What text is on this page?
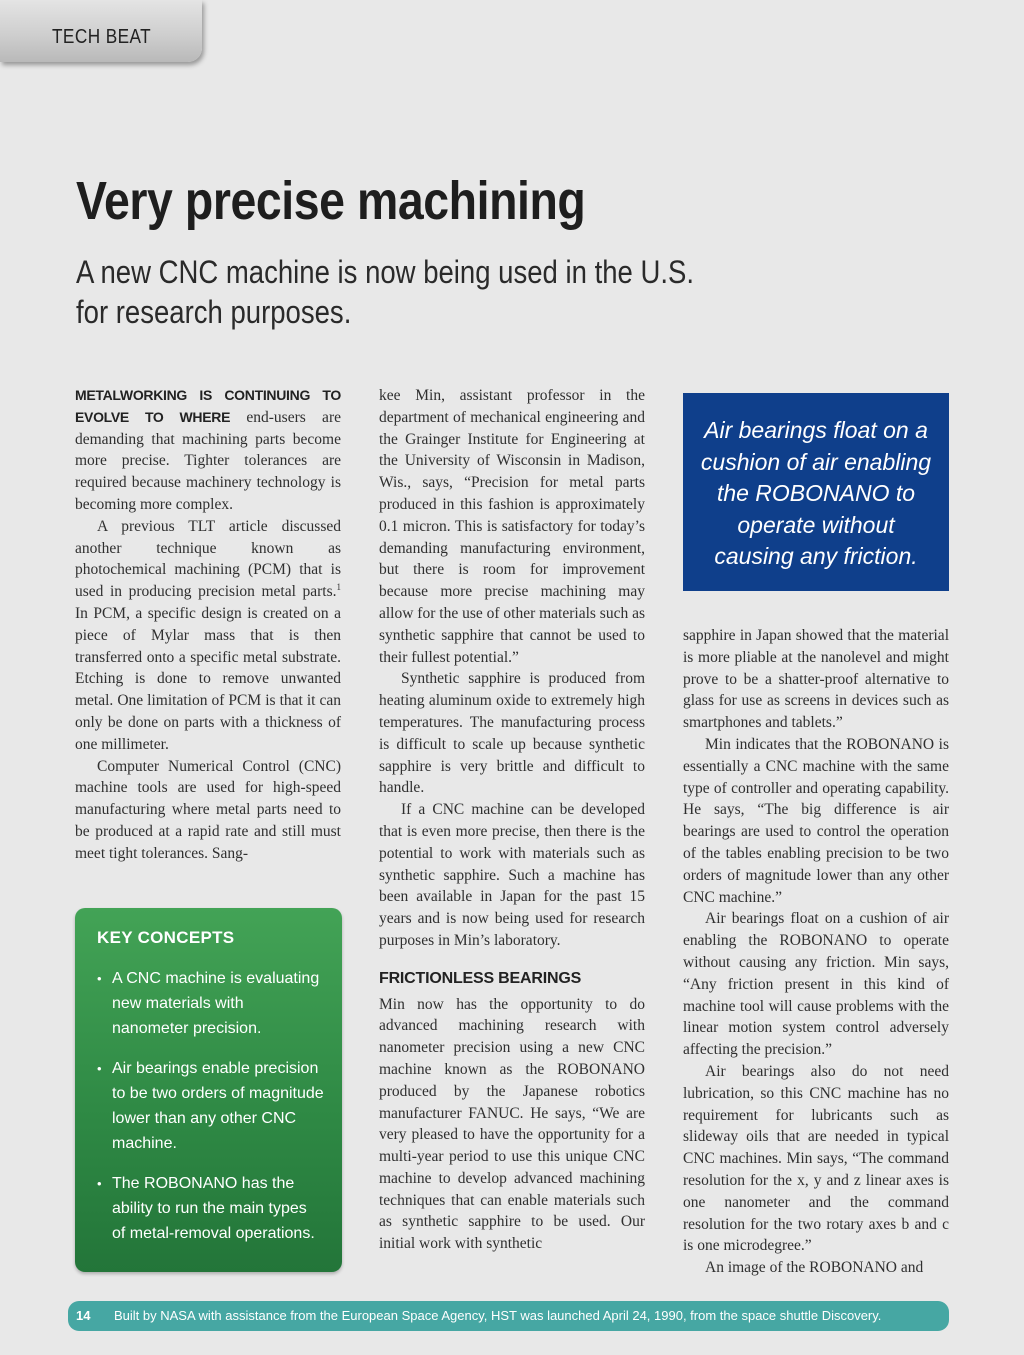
TECH BEAT
Very precise machining
A new CNC machine is now being used in the U.S. for research purposes.

METALWORKING IS CONTINUING TO EVOLVE TO WHERE end-users are demanding that machining parts become more precise. Tighter tolerances are required because machinery technology is becoming more complex.

A previous TLT article discussed another technique known as photochemical machining (PCM) that is used in producing precision metal parts.$^1$ In PCM, a specific design is created on a piece of Mylar mass that is then transferred onto a specific metal substrate. Etching is done to remove unwanted metal. One limitation of PCM is that it can only be done on parts with a thickness of one millimeter.

Computer Numerical Control (CNC) machine tools are used for high-speed manufacturing where metal parts need to be produced at a rapid rate and still must meet tight tolerances. Sang-

KEY CONCEPTS
• A CNC machine is evaluating new materials with nanometer precision.
• Air bearings enable precision to be two orders of magnitude lower than any other CNC machine.
• The ROBONANO has the ability to run the main types of metal-removal operations.

kee Min, assistant professor in the department of mechanical engineering and the Grainger Institute for Engineering at the University of Wisconsin in Madison, Wis., says, “Precision for metal parts produced in this fashion is approximately 0.1 micron. This is satisfactory for today’s demanding manufacturing environment, but there is room for improvement because more precise machining may allow for the use of other materials such as synthetic sapphire that cannot be used to their fullest potential.”

Synthetic sapphire is produced from heating aluminum oxide to extremely high temperatures. The manufacturing process is difficult to scale up because synthetic sapphire is very brittle and difficult to handle.

If a CNC machine can be developed that is even more precise, then there is the potential to work with materials such as synthetic sapphire. Such a machine has been available in Japan for the past 15 years and is now being used for research purposes in Min’s laboratory.

FRICTIONLESS BEARINGS

Min now has the opportunity to do advanced machining research with nanometer precision using a new CNC machine known as the ROBONANO produced by the Japanese robotics manufacturer FANUC. He says, “We are very pleased to have the opportunity for a multi-year period to use this unique CNC machine to develop advanced machining techniques that can enable materials such as synthetic sapphire to be used. Our initial work with synthetic

Air bearings float on a cushion of air enabling the ROBONANO to operate without causing any friction.

sapphire in Japan showed that the material is more pliable at the nanolevel and might prove to be a shatter-proof alternative to glass for use as screens in devices such as smartphones and tablets.”

Min indicates that the ROBONANO is essentially a CNC machine with the same type of controller and operating capability. He says, “The big difference is air bearings are used to control the operation of the tables enabling precision to be two orders of magnitude lower than any other CNC machine.”

Air bearings float on a cushion of air enabling the ROBONANO to operate without causing any friction. Min says, “Any friction present in this kind of machine tool will cause problems with the linear motion system control adversely affecting the precision.”

Air bearings also do not need lubrication, so this CNC machine has no requirement for lubricants such as slideway oils that are needed in typical CNC machines. Min says, “The command resolution for the x, y and z linear axes is one nanometer and the command resolution for the two rotary axes b and c is one microdegree.”

An image of the ROBONANO and

14 Built by NASA with assistance from the European Space Agency, HST was launched April 24, 1990, from the space shuttle Discovery.
